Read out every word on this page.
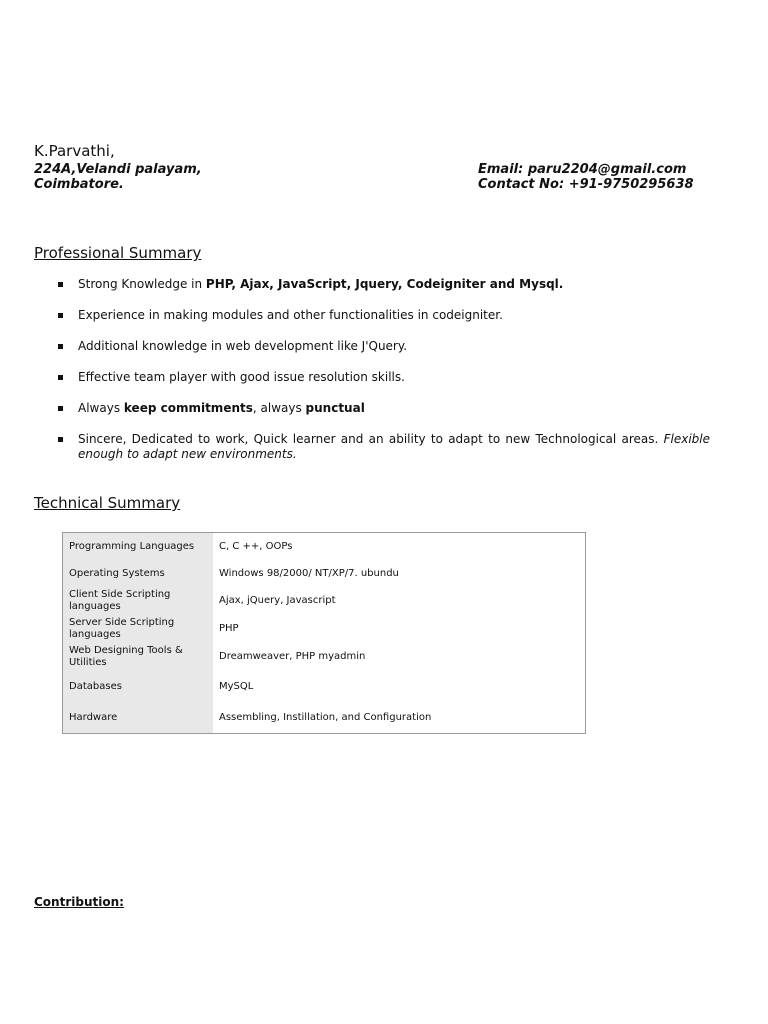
K.Parvathi,
224A,Velandi palayam,
Coimbatore.
Email: paru2204@gmail.com
Contact No: +91-9750295638
Professional Summary
Strong Knowledge in PHP, Ajax, JavaScript, Jquery, Codeigniter and Mysql.
Experience in making modules and other functionalities in codeigniter.
Additional knowledge in web development like J'Query.
Effective team player with good issue resolution skills.
Always keep commitments, always punctual
Sincere, Dedicated to work, Quick learner and an ability to adapt to new Technological areas. Flexible enough to adapt new environments.
Technical Summary
Programming Languages	C, C ++, OOPs
Operating Systems	Windows 98/2000/ NT/XP/7. ubundu
Client Side Scripting languages	Ajax, jQuery, Javascript
Server Side Scripting languages	PHP
Web Designing Tools & Utilities	Dreamweaver, PHP myadmin
Databases	MySQL
Hardware	Assembling, Instillation, and Configuration
Contribution:
